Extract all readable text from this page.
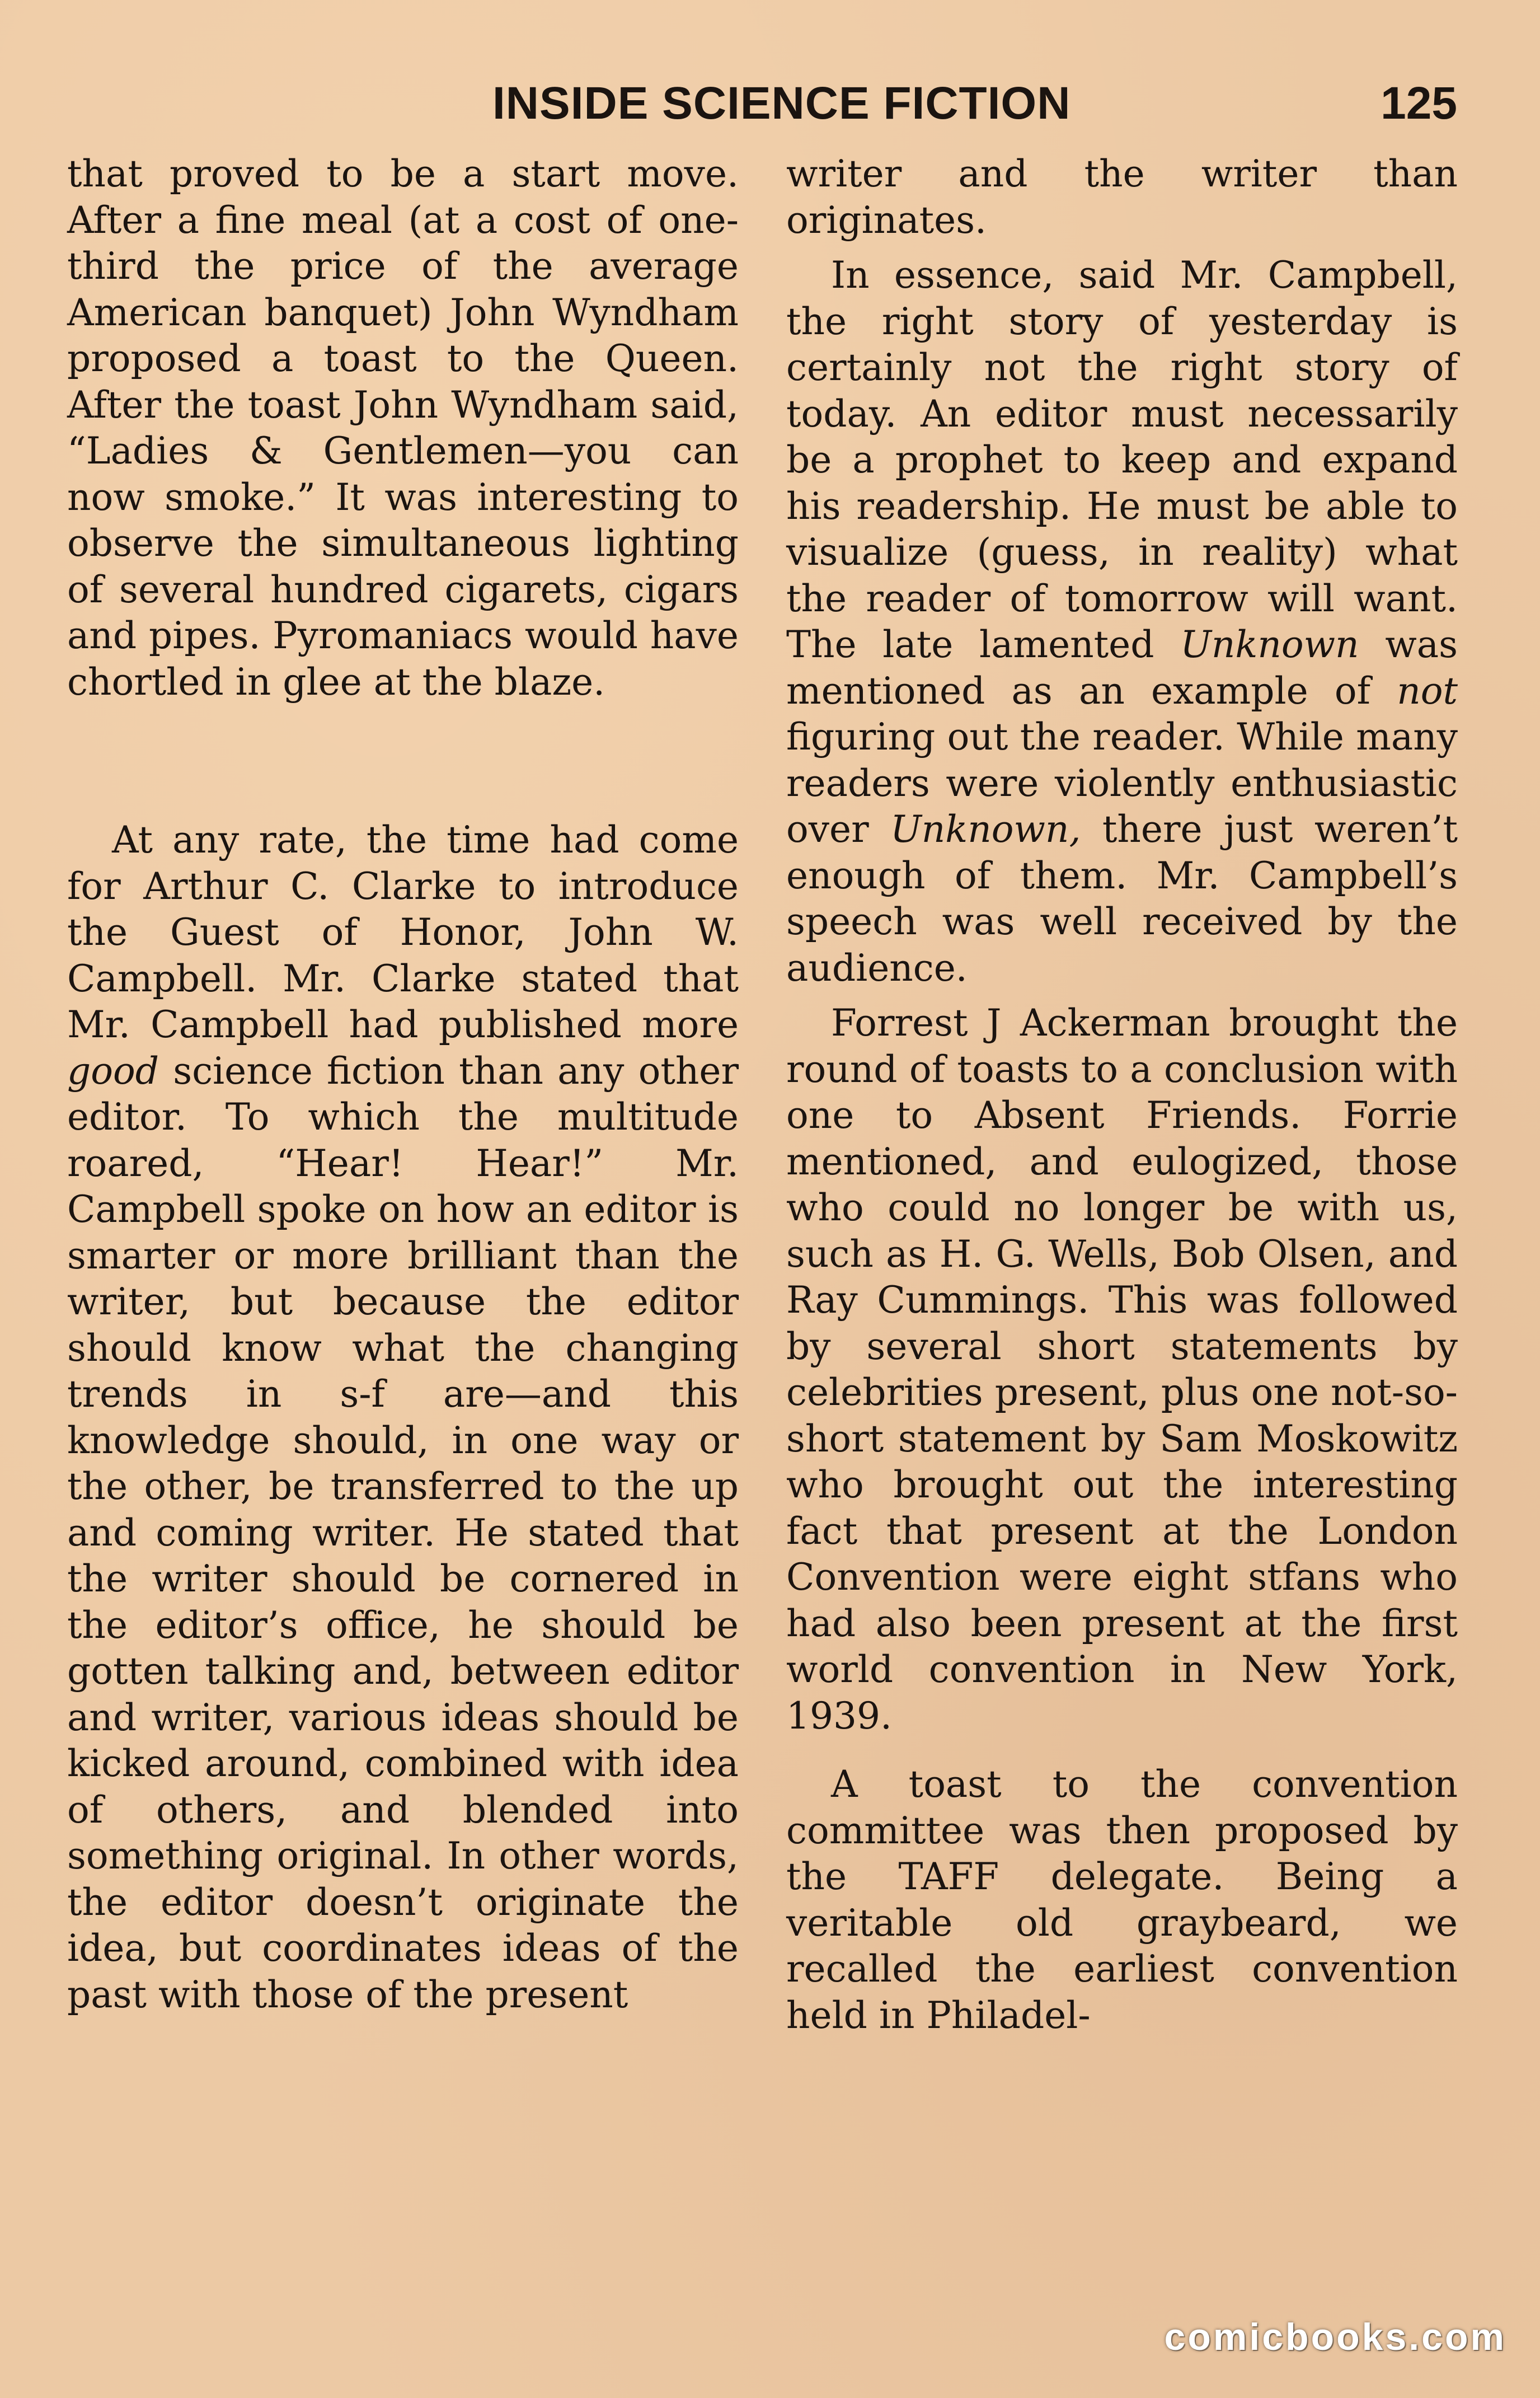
INSIDE SCIENCE FICTION	125

that proved to be a start move. After a fine meal (at a cost of one-third the price of the average American banquet) John Wyndham proposed a toast to the Queen. After the toast John Wyndham said, “Ladies & Gentlemen—you can now smoke.” It was interesting to observe the simultaneous lighting of several hundred cigarets, cigars and pipes. Pyromaniacs would have chortled in glee at the blaze.

At any rate, the time had come for Arthur C. Clarke to introduce the Guest of Honor, John W. Campbell. Mr. Clarke stated that Mr. Campbell had published more good science fiction than any other editor. To which the multitude roared, “Hear! Hear!” Mr. Campbell spoke on how an editor is smarter or more brilliant than the writer, but because the editor should know what the changing trends in s-f are—and this knowledge should, in one way or the other, be transferred to the up and coming writer. He stated that the writer should be cornered in the editor’s office, he should be gotten talking and, between editor and writer, various ideas should be kicked around, combined with idea of others, and blended into something original. In other words, the editor doesn’t originate the idea, but coordinates ideas of the past with those of the present

writer and the writer than originates.

In essence, said Mr. Campbell, the right story of yesterday is certainly not the right story of today. An editor must necessarily be a prophet to keep and expand his readership. He must be able to visualize (guess, in reality) what the reader of tomorrow will want. The late lamented Unknown was mentioned as an example of not figuring out the reader. While many readers were violently enthusiastic over Unknown, there just weren’t enough of them. Mr. Campbell’s speech was well received by the audience.

Forrest J Ackerman brought the round of toasts to a conclusion with one to Absent Friends. Forrie mentioned, and eulogized, those who could no longer be with us, such as H. G. Wells, Bob Olsen, and Ray Cummings. This was followed by several short statements by celebrities present, plus one not-so-short statement by Sam Moskowitz who brought out the interesting fact that present at the London Convention were eight stfans who had also been present at the first world convention in New York, 1939.

A toast to the convention committee was then proposed by the TAFF delegate. Being a veritable old graybeard, we recalled the earliest convention held in Philadel-

comicbooks.com
